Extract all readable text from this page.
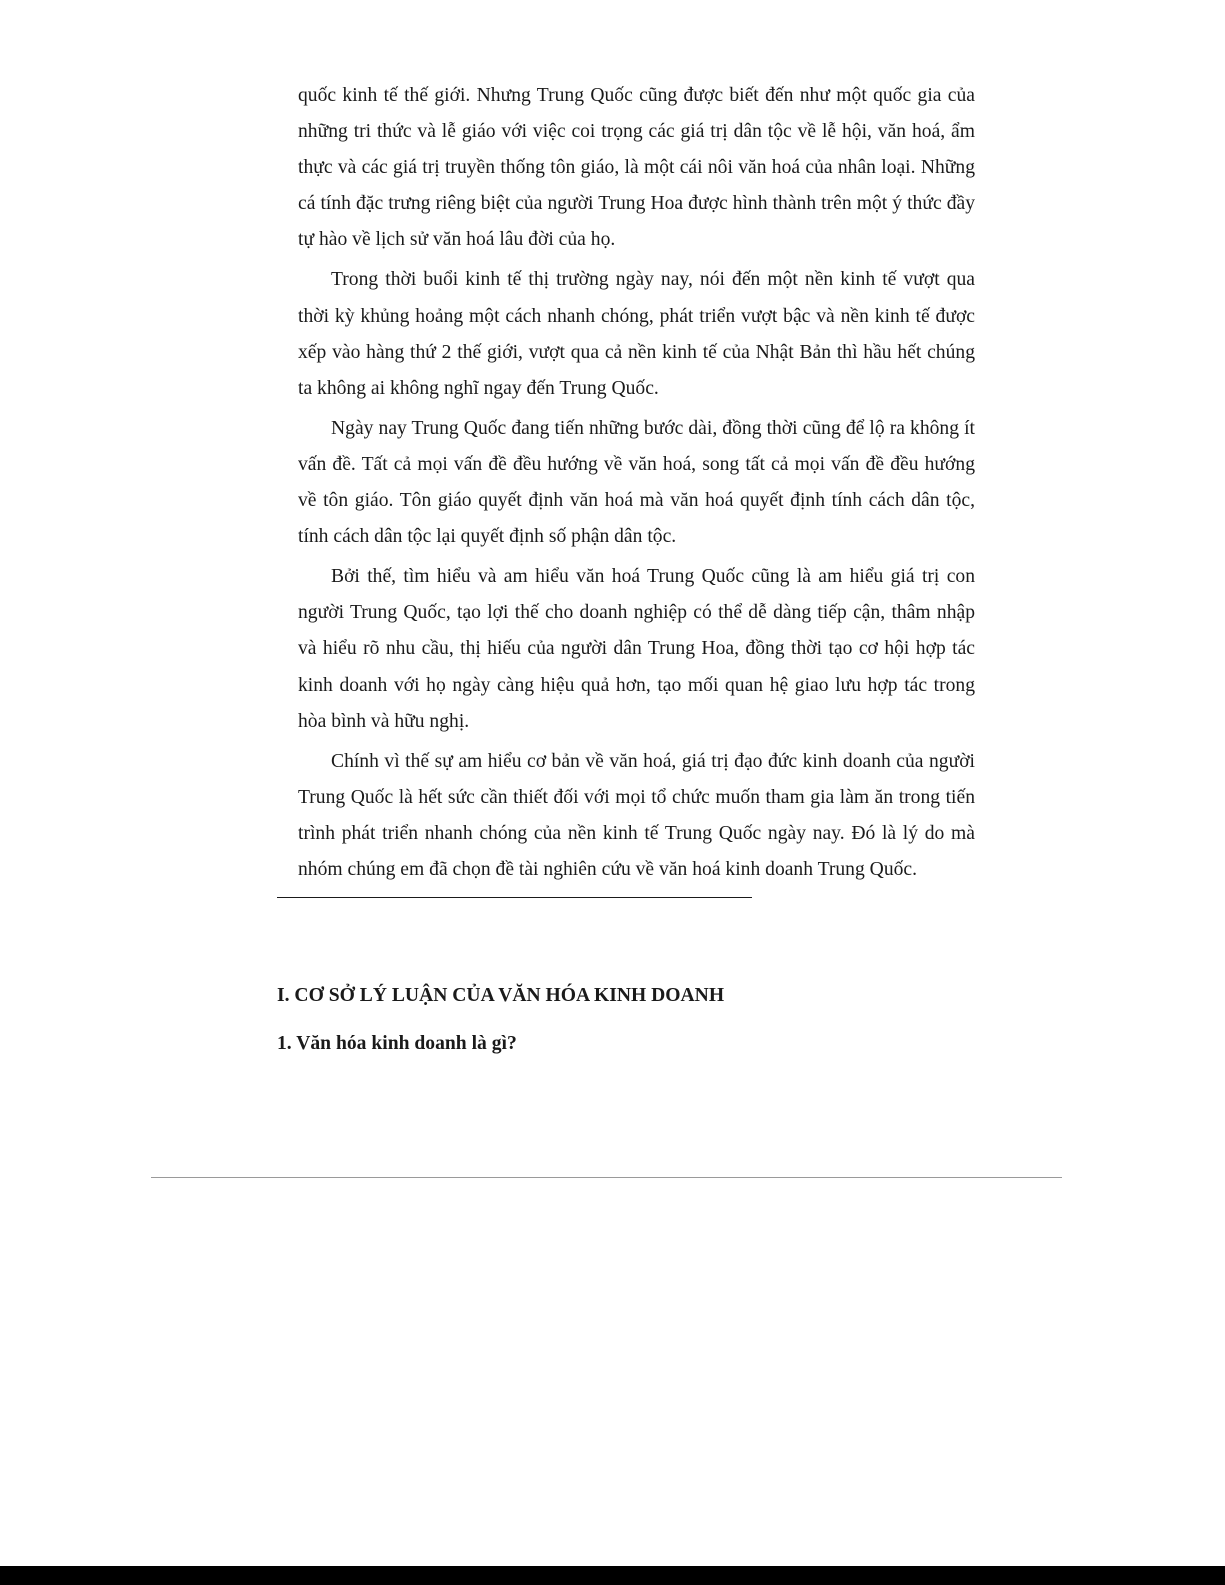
quốc kinh tế thế giới. Nhưng Trung Quốc cũng được biết đến như một quốc gia của những tri thức và lễ giáo với việc coi trọng các giá trị dân tộc về lễ hội, văn hoá, ẩm thực và các giá trị truyền thống tôn giáo, là một cái nôi văn hoá của nhân loại. Những cá tính đặc trưng riêng biệt của người Trung Hoa được hình thành trên một ý thức đầy tự hào về lịch sử văn hoá lâu đời của họ.

Trong thời buổi kinh tế thị trường ngày nay, nói đến một nền kinh tế vượt qua thời kỳ khủng hoảng một cách nhanh chóng, phát triển vượt bậc và nền kinh tế được xếp vào hàng thứ 2 thế giới, vượt qua cả nền kinh tế của Nhật Bản thì hầu hết chúng ta không ai không nghĩ ngay đến Trung Quốc.

Ngày nay Trung Quốc đang tiến những bước dài, đồng thời cũng để lộ ra không ít vấn đề. Tất cả mọi vấn đề đều hướng về văn hoá, song tất cả mọi vấn đề đều hướng về tôn giáo. Tôn giáo quyết định văn hoá mà văn hoá quyết định tính cách dân tộc, tính cách dân tộc lại quyết định số phận dân tộc.

Bởi thế, tìm hiểu và am hiểu văn hoá Trung Quốc cũng là am hiểu giá trị con người Trung Quốc, tạo lợi thế cho doanh nghiệp có thể dễ dàng tiếp cận, thâm nhập và hiểu rõ nhu cầu, thị hiếu của người dân Trung Hoa, đồng thời tạo cơ hội hợp tác kinh doanh với họ ngày càng hiệu quả hơn, tạo mối quan hệ giao lưu hợp tác trong hòa bình và hữu nghị.

Chính vì thế sự am hiểu cơ bản về văn hoá, giá trị đạo đức kinh doanh của người Trung Quốc là hết sức cần thiết đối với mọi tổ chức muốn tham gia làm ăn trong tiến trình phát triển nhanh chóng của nền kinh tế Trung Quốc ngày nay. Đó là lý do mà nhóm chúng em đã chọn đề tài nghiên cứu về văn hoá kinh doanh Trung Quốc.

I. CƠ SỞ LÝ LUẬN CỦA VĂN HÓA KINH DOANH
1. Văn hóa kinh doanh là gì?
